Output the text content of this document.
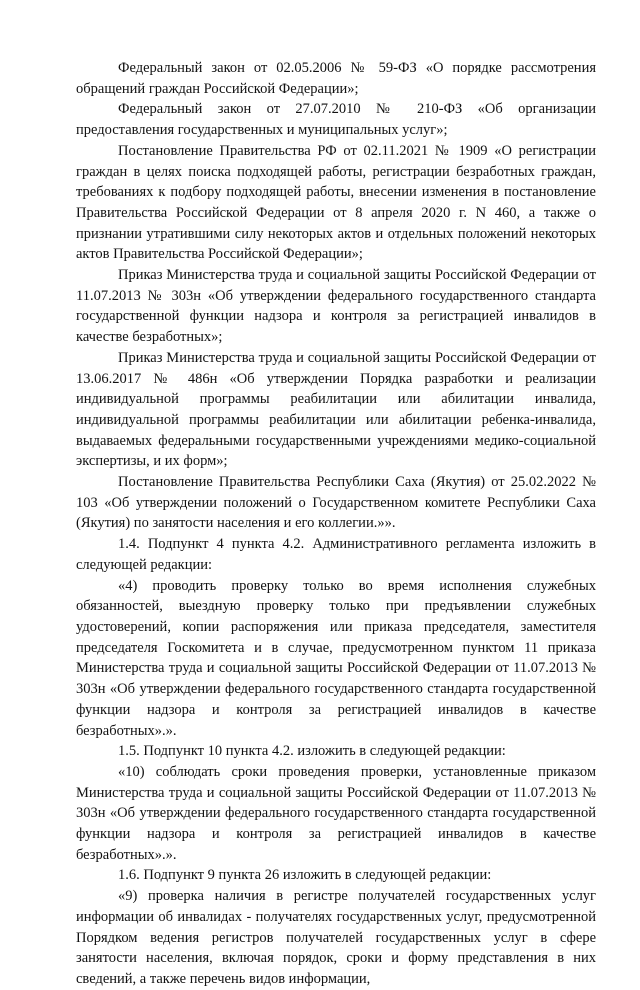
Федеральный закон от 02.05.2006 № 59-ФЗ «О порядке рассмотрения обращений граждан Российской Федерации»;

Федеральный закон от 27.07.2010 № 210-ФЗ «Об организации предоставления государственных и муниципальных услуг»;

Постановление Правительства РФ от 02.11.2021 № 1909 «О регистрации граждан в целях поиска подходящей работы, регистрации безработных граждан, требованиях к подбору подходящей работы, внесении изменения в постановление Правительства Российской Федерации от 8 апреля 2020 г. N 460, а также о признании утратившими силу некоторых актов и отдельных положений некоторых актов Правительства Российской Федерации»;

Приказ Министерства труда и социальной защиты Российской Федерации от 11.07.2013 № 303н «Об утверждении федерального государственного стандарта государственной функции надзора и контроля за регистрацией инвалидов в качестве безработных»;

Приказ Министерства труда и социальной защиты Российской Федерации от 13.06.2017 № 486н «Об утверждении Порядка разработки и реализации индивидуальной программы реабилитации или абилитации инвалида, индивидуальной программы реабилитации или абилитации ребенка-инвалида, выдаваемых федеральными государственными учреждениями медико-социальной экспертизы, и их форм»;

Постановление Правительства Республики Саха (Якутия) от 25.02.2022 № 103 «Об утверждении положений о Государственном комитете Республики Саха (Якутия) по занятости населения и его коллегии.»».

1.4. Подпункт 4 пункта 4.2. Административного регламента изложить в следующей редакции:

«4) проводить проверку только во время исполнения служебных обязанностей, выездную проверку только при предъявлении служебных удостоверений, копии распоряжения или приказа председателя, заместителя председателя Госкомитета и в случае, предусмотренном пунктом 11 приказа Министерства труда и социальной защиты Российской Федерации от 11.07.2013 № 303н «Об утверждении федерального государственного стандарта государственной функции надзора и контроля за регистрацией инвалидов в качестве безработных».».

1.5. Подпункт 10 пункта 4.2. изложить в следующей редакции:

«10) соблюдать сроки проведения проверки, установленные приказом Министерства труда и социальной защиты Российской Федерации от 11.07.2013 № 303н «Об утверждении федерального государственного стандарта государственной функции надзора и контроля за регистрацией инвалидов в качестве безработных».».

1.6. Подпункт 9 пункта 26 изложить в следующей редакции:

«9) проверка наличия в регистре получателей государственных услуг информации об инвалидах - получателях государственных услуг, предусмотренной Порядком ведения регистров получателей государственных услуг в сфере занятости населения, включая порядок, сроки и форму представления в них сведений, а также перечень видов информации,
